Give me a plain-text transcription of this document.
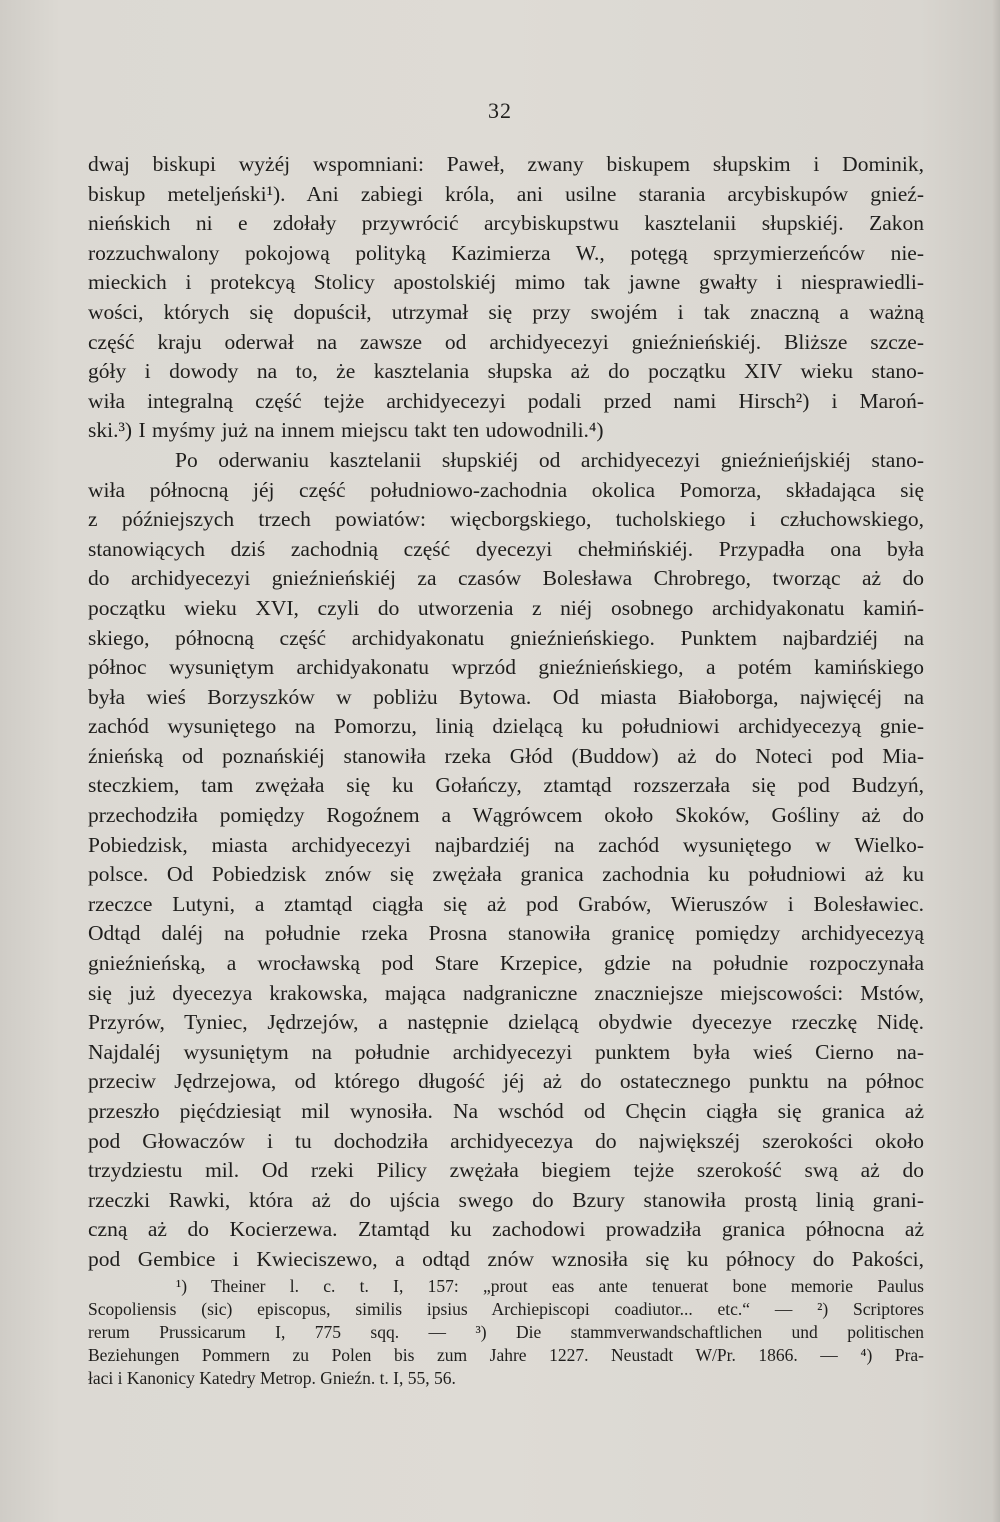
32
dwaj biskupi wyżéj wspomniani: Paweł, zwany biskupem słupskim i Dominik,
biskup meteljeński¹). Ani zabiegi króla, ani usilne starania arcybiskupów gnieź-
nieńskich ni e zdołały przywrócić arcybiskupstwu kasztelanii słupskiéj. Zakon
rozzuchwalony pokojową polityką Kazimierza W., potęgą sprzymierzeńców nie-
mieckich i protekcyą Stolicy apostolskiéj mimo tak jawne gwałty i niesprawiedli-
wości, których się dopuścił, utrzymał się przy swojém i tak znaczną a ważną
część kraju oderwał na zawsze od archidyecezyi gnieźnieńskiéj. Bliższe szcze-
góły i dowody na to, że kasztelania słupska aż do początku XIV wieku stano-
wiła integralną część tejże archidyecezyi podali przed nami Hirsch²) i Maroń-
ski.³) I myśmy już na innem miejscu takt ten udowodnili.⁴)
Po oderwaniu kasztelanii słupskiéj od archidyecezyi gnieźnieńjskiéj stano-
wiła północną jéj część południowo-zachodnia okolica Pomorza, składająca się
z późniejszych trzech powiatów: więcborgskiego, tucholskiego i człuchowskiego,
stanowiących dziś zachodnią część dyecezyi chełmińskiéj. Przypadła ona była
do archidyecezyi gnieźnieńskiéj za czasów Bolesława Chrobrego, tworząc aż do
początku wieku XVI, czyli do utworzenia z niéj osobnego archidyakonatu kamiń-
skiego, północną część archidyakonatu gnieźnieńskiego. Punktem najbardziéj na
północ wysuniętym archidyakonatu wprzód gnieźnieńskiego, a potém kamińskiego
była wieś Borzyszków w pobliżu Bytowa. Od miasta Białoborga, najwięcéj na
zachód wysuniętego na Pomorzu, linią dzielącą ku południowi archidyecezyą gnie-
źnieńską od poznańskiéj stanowiła rzeka Głód (Buddow) aż do Noteci pod Mia-
steczkiem, tam zwężała się ku Gołańczy, ztamtąd rozszerzała się pod Budzyń,
przechodziła pomiędzy Rogoźnem a Wągrówcem około Skoków, Gośliny aż do
Pobiedzisk, miasta archidyecezyi najbardziéj na zachód wysuniętego w Wielko-
polsce. Od Pobiedzisk znów się zwężała granica zachodnia ku południowi aż ku
rzeczce Lutyni, a ztamtąd ciągła się aż pod Grabów, Wieruszów i Bolesławiec.
Odtąd daléj na południe rzeka Prosna stanowiła granicę pomiędzy archidyecezyą
gnieźnieńską, a wrocławską pod Stare Krzepice, gdzie na południe rozpoczynała
się już dyecezya krakowska, mająca nadgraniczne znaczniejsze miejscowości: Mstów,
Przyrów, Tyniec, Jędrzejów, a następnie dzielącą obydwie dyecezye rzeczkę Nidę.
Najdaléj wysuniętym na południe archidyecezyi punktem była wieś Cierno na-
przeciw Jędrzejowa, od którego długość jéj aż do ostatecznego punktu na północ
przeszło pięćdziesiąt mil wynosiła. Na wschód od Chęcin ciągła się granica aż
pod Głowaczów i tu dochodziła archidyecezya do największéj szerokości około
trzydziestu mil. Od rzeki Pilicy zwężała biegiem tejże szerokość swą aż do
rzeczki Rawki, która aż do ujścia swego do Bzury stanowiła prostą linią grani-
czną aż do Kocierzewa. Ztamtąd ku zachodowi prowadziła granica północna aż
pod Gembice i Kwieciszewo, a odtąd znów wznosiła się ku północy do Pakości,
¹) Theiner l. c. t. I, 157: „prout eas ante tenuerat bone memorie Paulus
Scopoliensis (sic) episcopus, similis ipsius Archiepiscopi coadiutor... etc.“ — ²) Scriptores
rerum Prussicarum I, 775 sqq. — ³) Die stammverwandschaftlichen und politischen
Beziehungen Pommern zu Polen bis zum Jahre 1227. Neustadt W/Pr. 1866. — ⁴) Pra-
łaci i Kanonicy Katedry Metrop. Gnieźn. t. I, 55, 56.
